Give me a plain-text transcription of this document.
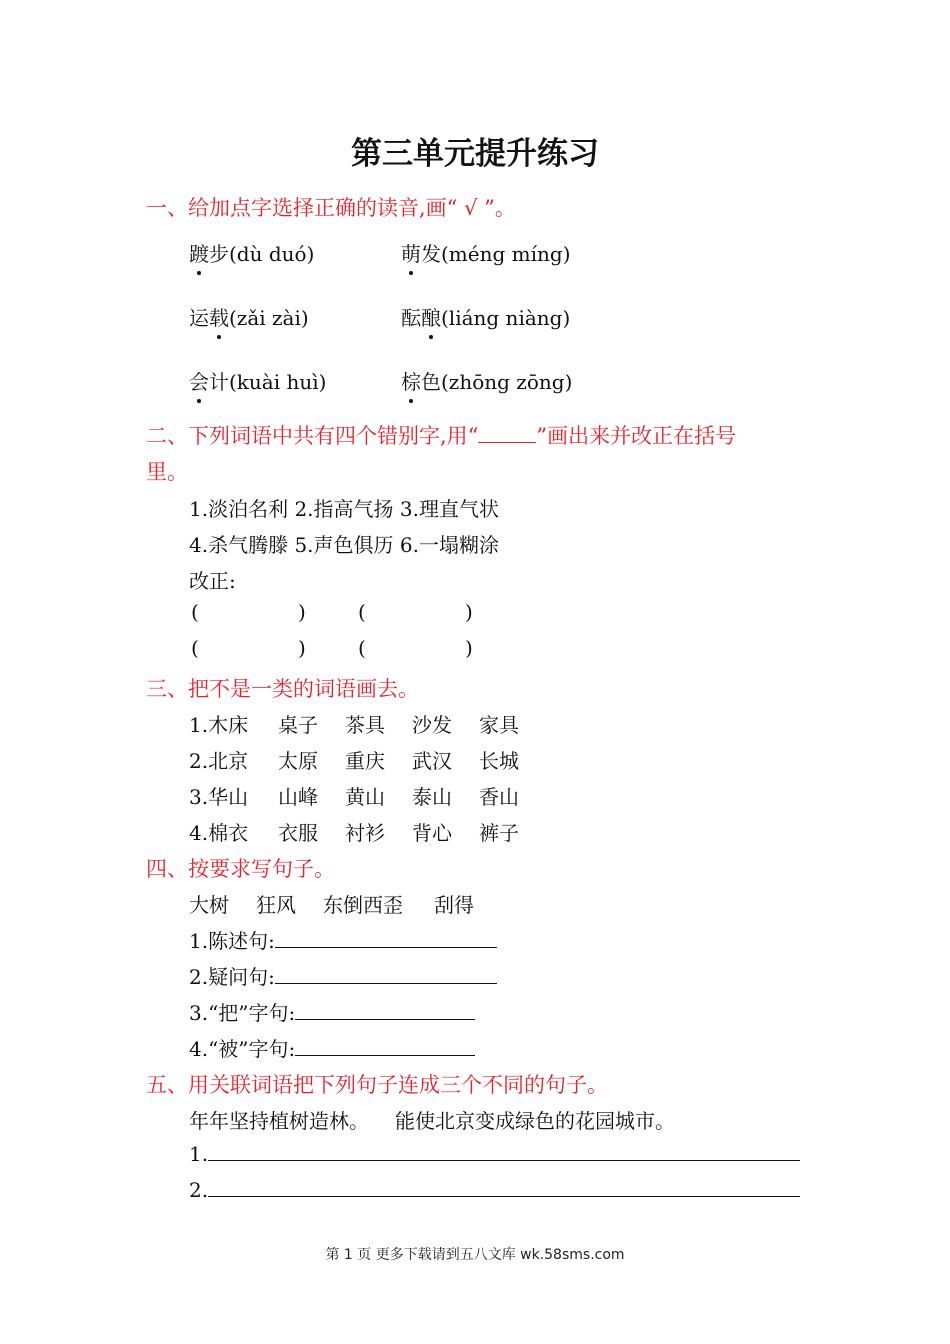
第三单元提升练习
一、给加点字选择正确的读音,画“ √ ”。
踱步(dù duó)	萌发(méng míng)
运载(zǎi zài)	酝酿(liáng niàng)
会计(kuài huì)	棕色(zhōng zōng)
二、下列词语中共有四个错别字,用“	”画出来并改正在括号
里。
1.淡泊名利 2.指高气扬 3.理直气状
4.杀气腾滕 5.声色俱历 6.一塌糊涂
改正:
(	)	(	)
(	)	(	)
三、把不是一类的词语画去。
1.木床 桌子 茶具 沙发 家具
2.北京 太原 重庆 武汉 长城
3.华山 山峰 黄山 泰山 香山
4.棉衣 衣服 衬衫 背心 裤子
四、按要求写句子。
大树 狂风 东倒西歪 刮得
1.陈述句:
2.疑问句:
3.“把”字句:
4.“被”字句:
五、用关联词语把下列句子连成三个不同的句子。
年年坚持植树造林。 能使北京变成绿色的花园城市。
1.
2.
第 1 页 更多下载请到五八文库 wk.58sms.com
